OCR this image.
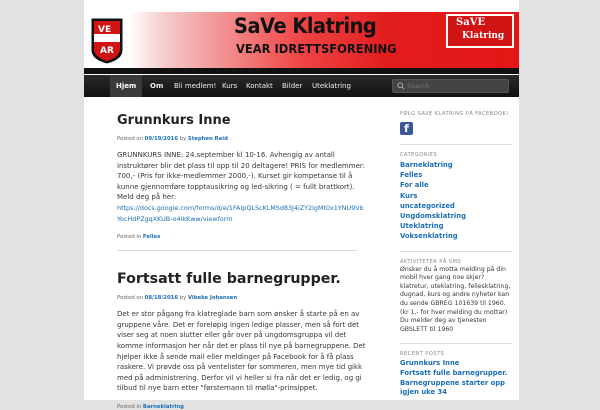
VE
AR
SaVe Klatring
VEAR IDRETTSFORENING
SaVE
Klatring
Hjem	Om Bli medlem! Kurs Kontakt Bilder Uteklatring
Search
Grunnkurs Inne
Posted on 09/19/2016 by Stephen Reid
GRUNNKURS INNE: 24.september kl 10-16. Avhengig av antall instruktører blir det plass til opp til 20 deltagere! PRIS for medlemmer: 700,- (Pris for ikke-medlemmer 2000,-). Kurset gir kompetanse til å kunne gjennomføre topptausikring og led-sikring ( = fullt brattkort). Meld deg på her:
https://docs.google.com/forms/d/e/1FAIpQLScKLMSd83J4iZY2igMt0x1YNU9VbYocHdPZgqXKUB-o4lkKww/viewform
Posted in Felles
Fortsatt fulle barnegrupper.
Posted on 08/18/2016 by Vibeke Johansen
Det er stor pågang fra klatreglade barn som ønsker å starte på en av gruppene våre. Det er foreløpig ingen ledige plasser, men så fort det viser seg at noen slutter eller går over på ungdomsgruppa vil det komme informasjon her når det er plass til nye på barnegruppene. Det hjelper ikke å sende mail eller meldinger på Facebook for å få plass raskere. Vi prøvde oss på ventelister før sommeren, men mye tid gikk med på administrering. Derfor vil vi heller si fra når det er ledig, og gi tilbud til nye barn etter "førstemann til mølla"-prinsippet.
Posted in Barneklatring
FØLG SAVE KLATRING PÅ FACEBOOK!
f
CATEGORIES
Barneklatring
Felles
For alle
Kurs
uncategorized
Ungdomsklatring
Uteklatring
Voksenklatring
AKTIVITETER PÅ SMS
Ønsker du å motta melding på din mobil hver gang noe skjer? klatretur, uteklatring, fellesklatring, dugnad, kurs og andre nyheter kan du sende GBREG 101639 til 1960. (kr 1,- for hver melding du mottar) Du melder deg av tjenesten GBSLETT til 1960
RECENT POSTS
Grunnkurs Inne
Fortsatt fulle barnegrupper.
Barnegruppene starter opp igjen uke 34
